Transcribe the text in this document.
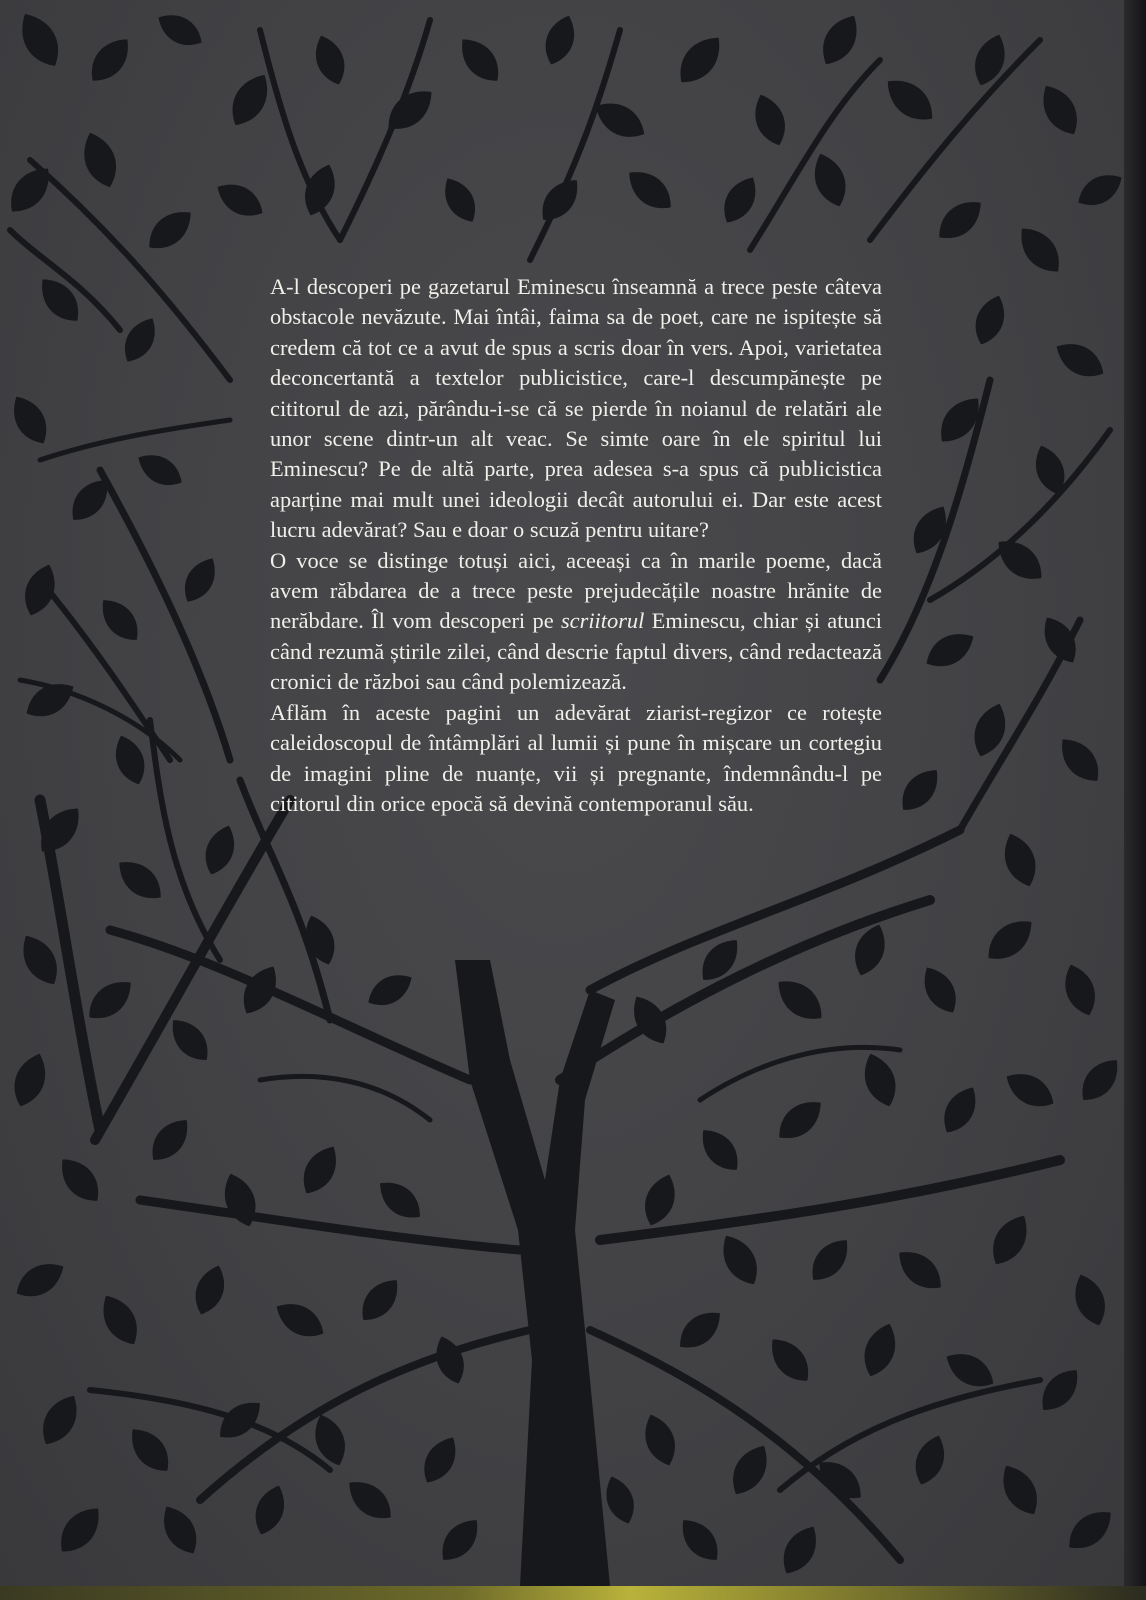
A-l descoperi pe gazetarul Eminescu înseamnă a trece peste câteva obstacole nevăzute. Mai întâi, faima sa de poet, care ne ispitește să credem că tot ce a avut de spus a scris doar în vers. Apoi, varietatea deconcertantă a textelor publicistice, care-l descumpănește pe cititorul de azi, părându-i-se că se pierde în noianul de relatări ale unor scene dintr-un alt veac. Se simte oare în ele spiritul lui Eminescu? Pe de altă parte, prea adesea s-a spus că publicistica aparține mai mult unei ideologii decât autorului ei. Dar este acest lucru adevărat? Sau e doar o scuză pentru uitare?

O voce se distinge totuși aici, aceeași ca în marile poeme, dacă avem răbdarea de a trece peste prejudecățile noastre hrănite de nerăbdare. Îl vom descoperi pe scriitorul Eminescu, chiar și atunci când rezumă știrile zilei, când descrie faptul divers, când redactează cronici de război sau când polemizează.

Aflăm în aceste pagini un adevărat ziarist-regizor ce rotește caleidoscopul de întâmplări al lumii și pune în mișcare un cortegiu de imagini pline de nuanțe, vii și pregnante, îndemnându-l pe cititorul din orice epocă să devină contemporanul său.
